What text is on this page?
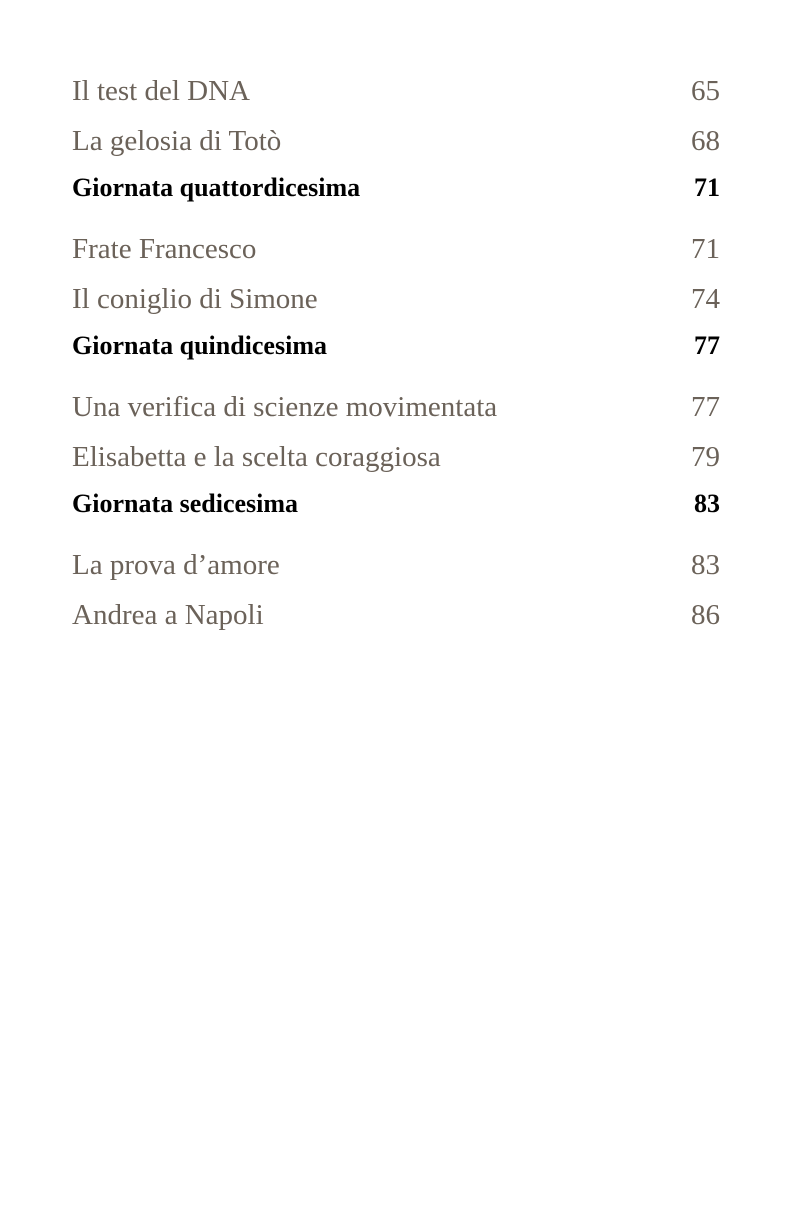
Il test del DNA	65
La gelosia di Totò	68
Giornata quattordicesima	71
Frate Francesco	71
Il coniglio di Simone	74
Giornata quindicesima	77
Una verifica di scienze movimentata	77
Elisabetta e la scelta coraggiosa	79
Giornata sedicesima	83
La prova d’amore	83
Andrea a Napoli	86
